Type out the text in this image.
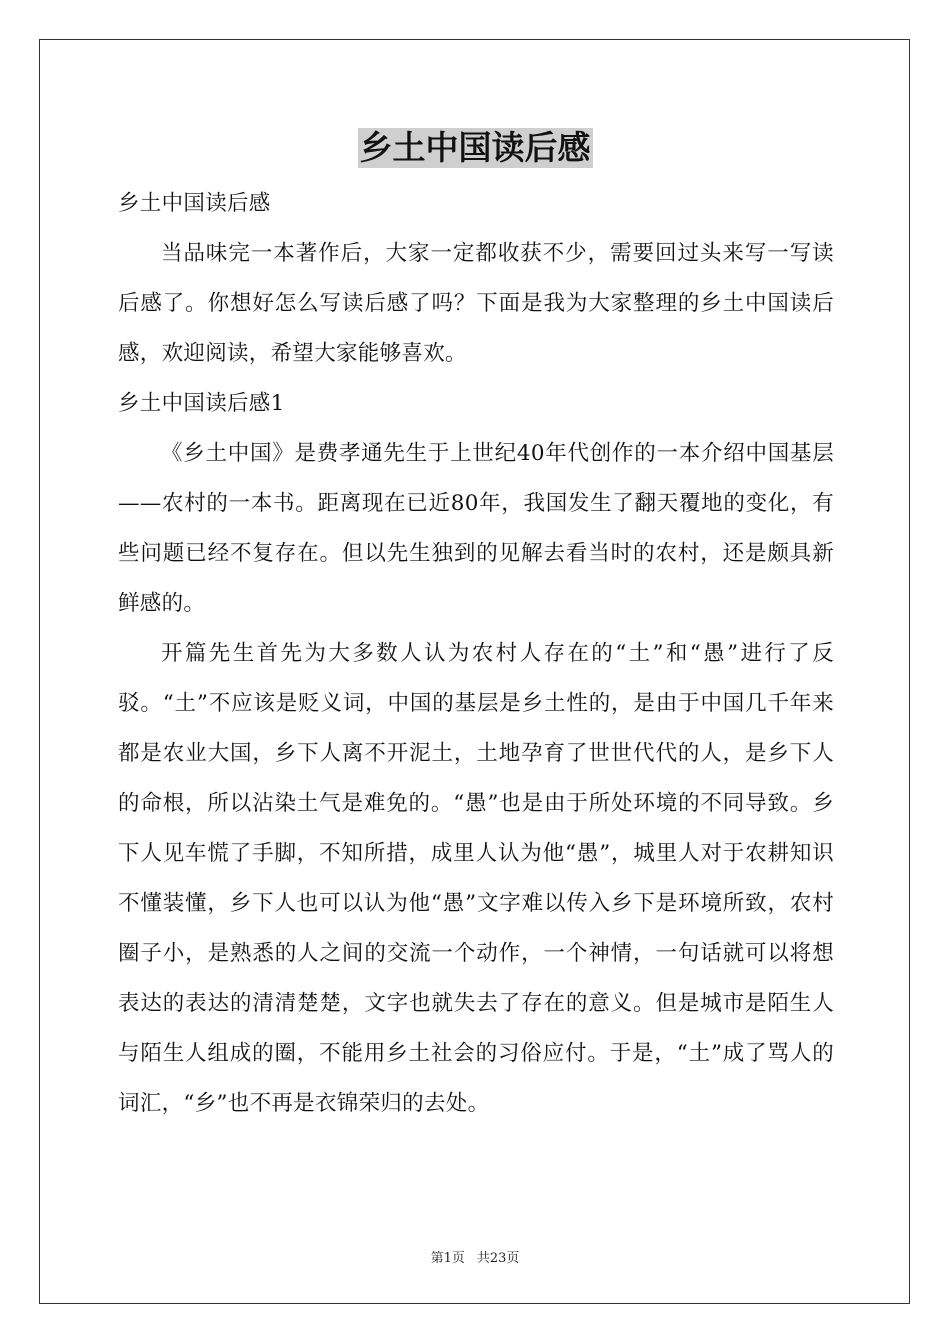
乡土中国读后感

乡土中国读后感

当品味完一本著作后，大家一定都收获不少，需要回过头来写一写读后感了。你想好怎么写读后感了吗？下面是我为大家整理的乡土中国读后感，欢迎阅读，希望大家能够喜欢。

乡土中国读后感1

《乡土中国》是费孝通先生于上世纪40年代创作的一本介绍中国基层——农村的一本书。距离现在已近80年，我国发生了翻天覆地的变化，有些问题已经不复存在。但以先生独到的见解去看当时的农村，还是颇具新鲜感的。

开篇先生首先为大多数人认为农村人存在的“土”和“愚”进行了反驳。“土”不应该是贬义词，中国的基层是乡土性的，是由于中国几千年来都是农业大国，乡下人离不开泥土，土地孕育了世世代代的人，是乡下人的命根，所以沾染土气是难免的。“愚”也是由于所处环境的不同导致。乡下人见车慌了手脚，不知所措，成里人认为他“愚”，城里人对于农耕知识不懂装懂，乡下人也可以认为他“愚”文字难以传入乡下是环境所致，农村圈子小，是熟悉的人之间的交流一个动作，一个神情，一句话就可以将想表达的表达的清清楚楚，文字也就失去了存在的意义。但是城市是陌生人与陌生人组成的圈，不能用乡土社会的习俗应付。于是，“土”成了骂人的词汇，“乡”也不再是衣锦荣归的去处。

第1页 共23页
